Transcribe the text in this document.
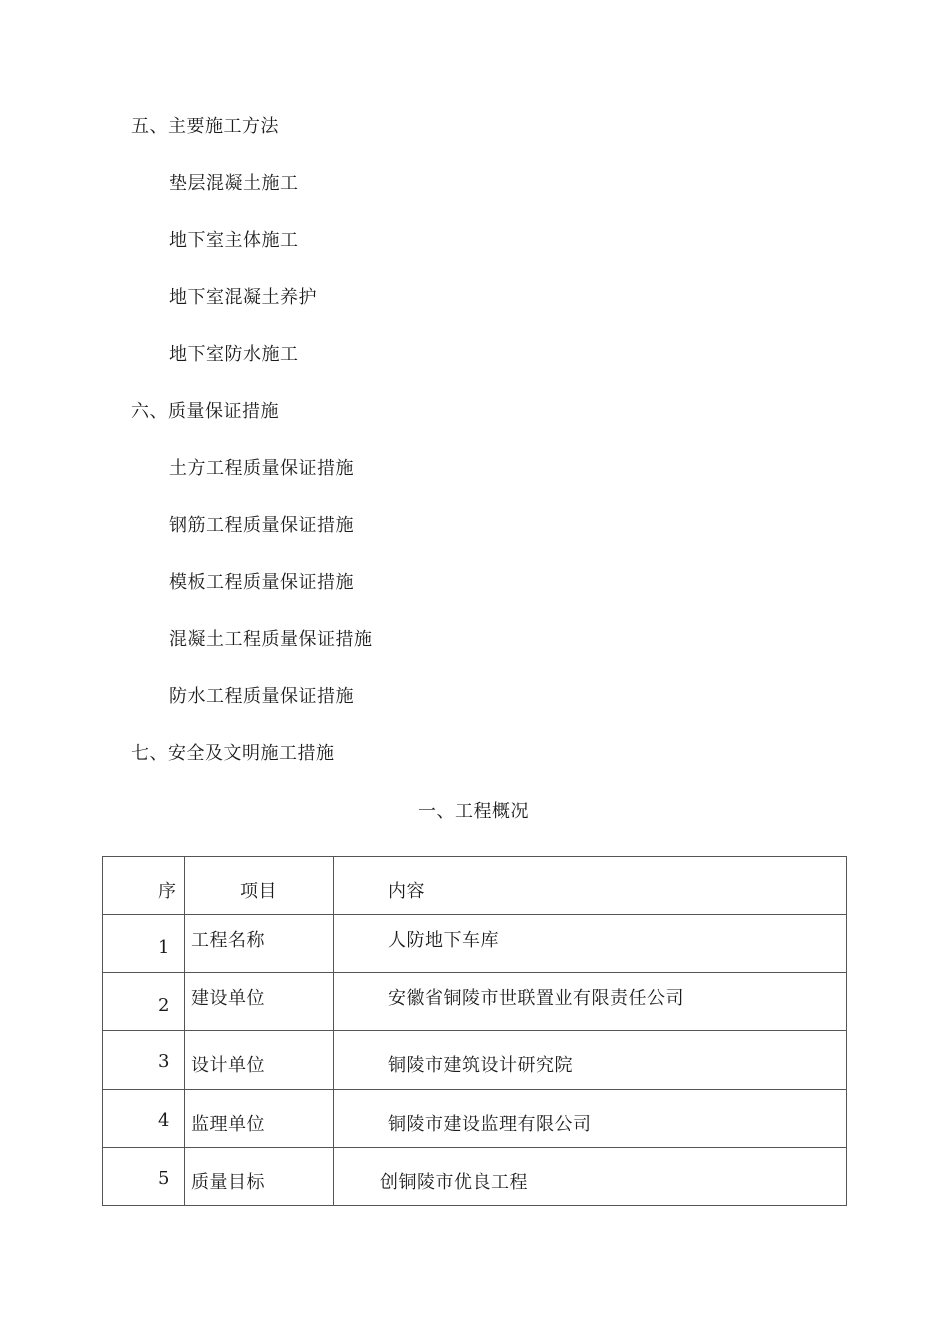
五、主要施工方法
垫层混凝土施工
地下室主体施工
地下室混凝土养护
地下室防水施工
六、质量保证措施
土方工程质量保证措施
钢筋工程质量保证措施
模板工程质量保证措施
混凝土工程质量保证措施
防水工程质量保证措施
七、安全及文明施工措施
一、工程概况
序	项目	内容

1	工程名称	人防地下车库

2	建设单位	安徽省铜陵市世联置业有限责任公司

3	设计单位	铜陵市建筑设计研究院

4	监理单位	铜陵市建设监理有限公司

5	质量目标	创铜陵市优良工程
